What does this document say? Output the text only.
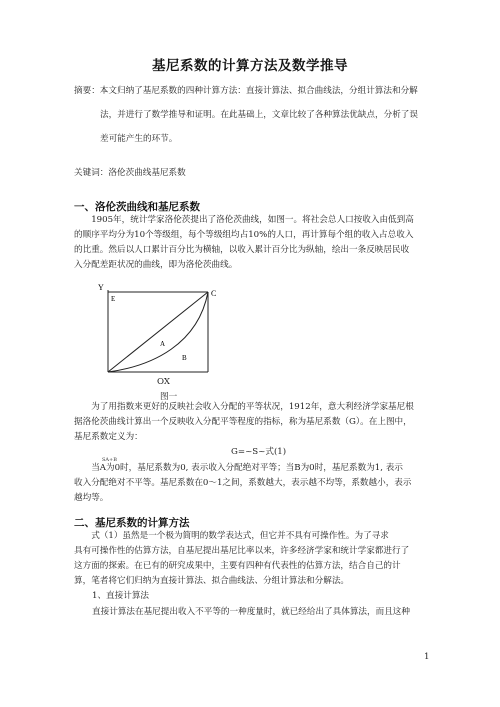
基尼系数的计算方法及数学推导
摘要：本文归纳了基尼系数的四种计算方法：直接计算法、拟合曲线法，分组计算法和分解
法，并进行了数学推导和证明。在此基础上，文章比较了各种算法优缺点，分析了误
差可能产生的环节。
关键词：洛伦茨曲线基尼系数
一、洛伦茨曲线和基尼系数
1905年，统计学家洛伦茨提出了洛伦茨曲线，如图一。将社会总人口按收入由低到高
的顺序平均分为10个等级组，每个等级组均占10%的人口，再计算每个组的收入占总收入
的比重。然后以人口累计百分比为横轴，以收入累计百分比为纵轴，绘出一条反映居民收
入分配差距状况的曲线，即为洛伦茨曲线。
Y
E
C
A
B
OX
图一
为了用指数来更好的反映社会收入分配的平等状况，1912年，意大利经济学家基尼根
据洛伦茨曲线计算出一个反映收入分配平等程度的指标，称为基尼系数（G）。在上图中，
基尼系数定义为：
G=~S~式(1)
SA+B
当A为0时，基尼系数为0, 表示收入分配绝对平等；当B为0时，基尼系数为1, 表示
收入分配绝对不平等。基尼系数在0〜1之间，系数越大，表示越不均等，系数越小，表示
越均等。
二、基尼系数的计算方法
式（1）虽然是一个极为简明的数学表达式，但它并不具有可操作性。为了寻求
具有可操作性的估算方法，自基尼提出基尼比率以来，许多经济学家和统计学家都进行了
这方面的探索。在已有的研究成果中，主要有四种有代表性的估算方法，结合自己的计
算，笔者将它们归纳为直接计算法、拟合曲线法、分组计算法和分解法。
1、直接计算法
直接计算法在基尼提出收入不平等的一种度量时，就已经给出了具体算法，而且这种
1
